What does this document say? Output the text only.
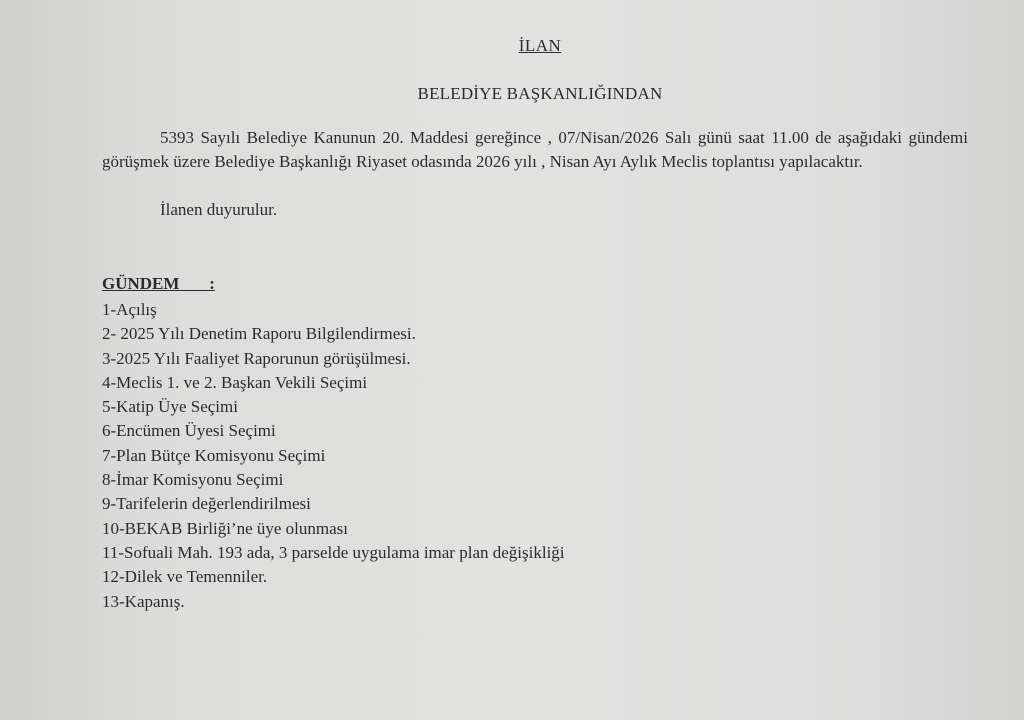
İLAN
BELEDİYE BAŞKANLIĞINDAN
5393 Sayılı Belediye Kanunun 20. Maddesi gereğince , 07/Nisan/2026 Salı günü saat 11.00 de aşağıdaki gündemi görüşmek üzere Belediye Başkanlığı Riyaset odasında 2026 yılı , Nisan Ayı Aylık Meclis toplantısı yapılacaktır.
İlanen duyurulur.
GÜNDEM       :
1-Açılış
2- 2025 Yılı Denetim Raporu Bilgilendirmesi.
3-2025 Yılı Faaliyet Raporunun görüşülmesi.
4-Meclis 1. ve 2. Başkan Vekili Seçimi
5-Katip Üye Seçimi
6-Encümen Üyesi Seçimi
7-Plan Bütçe Komisyonu Seçimi
8-İmar Komisyonu Seçimi
9-Tarifelerin değerlendirilmesi
10-BEKAB Birliği’ne üye olunması
11-Sofuali Mah. 193 ada, 3 parselde uygulama imar plan değişikliği
12-Dilek ve Temenniler.
13-Kapanış.
